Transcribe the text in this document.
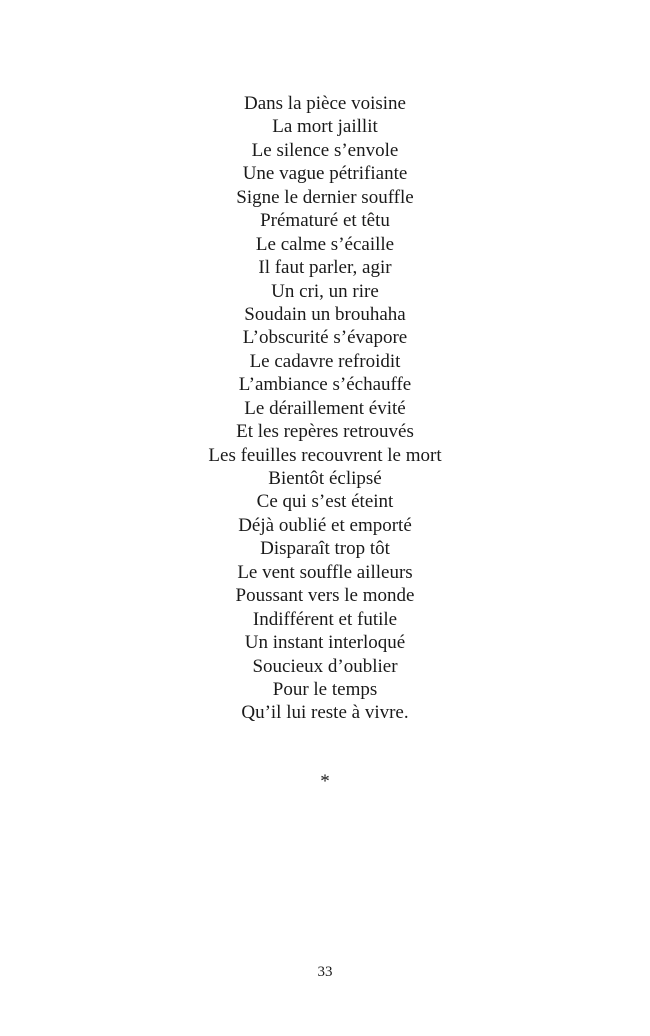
Dans la pièce voisine
La mort jaillit
Le silence s’envole
Une vague pétrifiante
Signe le dernier souffle
Prématuré et têtu
Le calme s’écaille
Il faut parler, agir
Un cri, un rire
Soudain un brouhaha
L’obscurité s’évapore
Le cadavre refroidit
L’ambiance s’échauffe
Le déraillement évité
Et les repères retrouvés
Les feuilles recouvrent le mort
Bientôt éclipsé
Ce qui s’est éteint
Déjà oublié et emporté
Disparaît trop tôt
Le vent souffle ailleurs
Poussant vers le monde
Indifférent et futile
Un instant interloqué
Soucieux d’oublier
Pour le temps
Qu’il lui reste à vivre.
*
33
